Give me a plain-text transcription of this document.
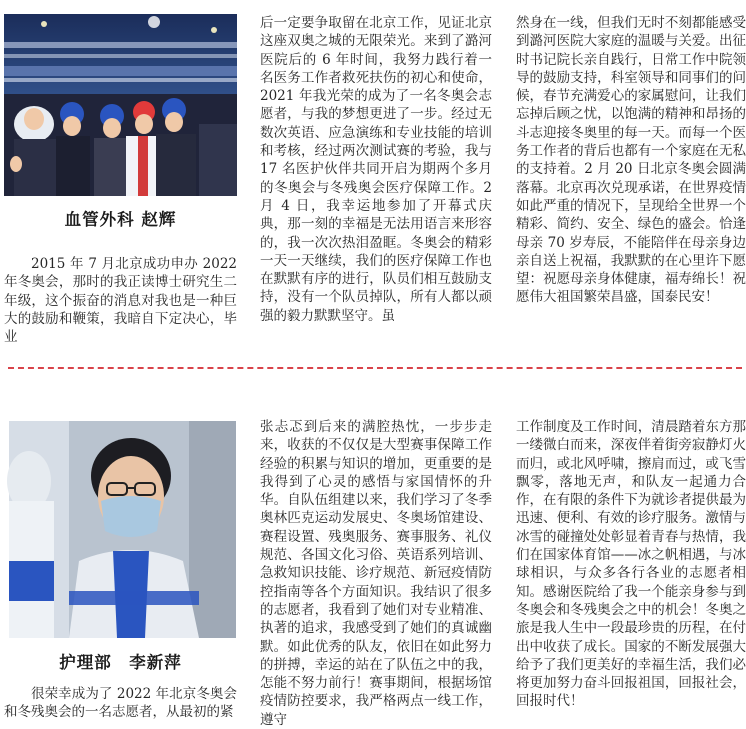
血管外科 赵辉
2015 年 7 月北京成功申办 2022 年冬奥会，那时的我正读博士研究生二年级，这个振奋的消息对我也是一种巨大的鼓励和鞭策，我暗自下定决心，毕业
后一定要争取留在北京工作，见证北京这座双奥之城的无限荣光。来到了潞河医院后的 6 年时间，我努力践行着一名医务工作者救死扶伤的初心和使命，2021 年我光荣的成为了一名冬奥会志愿者，与我的梦想更进了一步。经过无数次英语、应急演练和专业技能的培训和考核，经过两次测试赛的考验，我与 17 名医护伙伴共同开启为期两个多月的冬奥会与冬残奥会医疗保障工作。2 月 4 日，我幸运地参加了开幕式庆典，那一刻的幸福是无法用语言来形容的，我一次次热泪盈眶。冬奥会的精彩一天一天继续，我们的医疗保障工作也在默默有序的进行，队员们相互鼓励支持，没有一个队员掉队，所有人都以顽强的毅力默默坚守。虽
然身在一线，但我们无时不刻都能感受到潞河医院大家庭的温暖与关爱。出征时书记院长亲自践行，日常工作中院领导的鼓励支持，科室领导和同事们的问候，春节充满爱心的家属慰问，让我们忘掉后顾之忧，以饱满的精神和昂扬的斗志迎接冬奥里的每一天。而每一个医务工作者的背后也都有一个家庭在无私的支持着。2 月 20 日北京冬奥会圆满落幕。北京再次兑现承诺，在世界疫情如此严重的情况下，呈现给全世界一个精彩、简约、安全、绿色的盛会。恰逢母亲 70 岁寿辰，不能陪伴在母亲身边亲自送上祝福，我默默的在心里许下愿望：祝愿母亲身体健康，福寿绵长！祝愿伟大祖国繁荣昌盛，国泰民安！
护理部　李新萍
很荣幸成为了 2022 年北京冬奥会和冬残奥会的一名志愿者，从最初的紧
张忐忑到后来的满腔热忱，一步步走来，收获的不仅仅是大型赛事保障工作经验的积累与知识的增加，更重要的是我得到了心灵的感悟与家国情怀的升华。自队伍组建以来，我们学习了冬季奥林匹克运动发展史、冬奥场馆建设、赛程设置、残奥服务、赛事服务、礼仪规范、各国文化习俗、英语系列培训、急救知识技能、诊疗规范、新冠疫情防控指南等各个方面知识。我结识了很多的志愿者，我看到了她们对专业精准、执著的追求，我感受到了她们的真诚幽默。如此优秀的队友，依旧在如此努力的拼搏，幸运的站在了队伍之中的我，怎能不努力前行！赛事期间，根据场馆疫情防控要求，我严格两点一线工作，遵守
工作制度及工作时间，清晨踏着东方那一缕微白而来，深夜伴着街旁寂静灯火而归，或北风呼啸，擦肩而过，或飞雪飘零，落地无声，和队友一起通力合作，在有限的条件下为就诊者提供最为迅速、便利、有效的诊疗服务。激情与冰雪的碰撞处处彰显着青春与热情，我们在国家体育馆——冰之帆相遇，与冰球相识，与众多各行各业的志愿者相知。感谢医院给了我一个能亲身参与到冬奥会和冬残奥会之中的机会！冬奥之旅是我人生中一段最珍贵的历程，在付出中收获了成长。国家的不断发展强大给予了我们更美好的幸福生活，我们必将更加努力奋斗回报祖国，回报社会，回报时代！
